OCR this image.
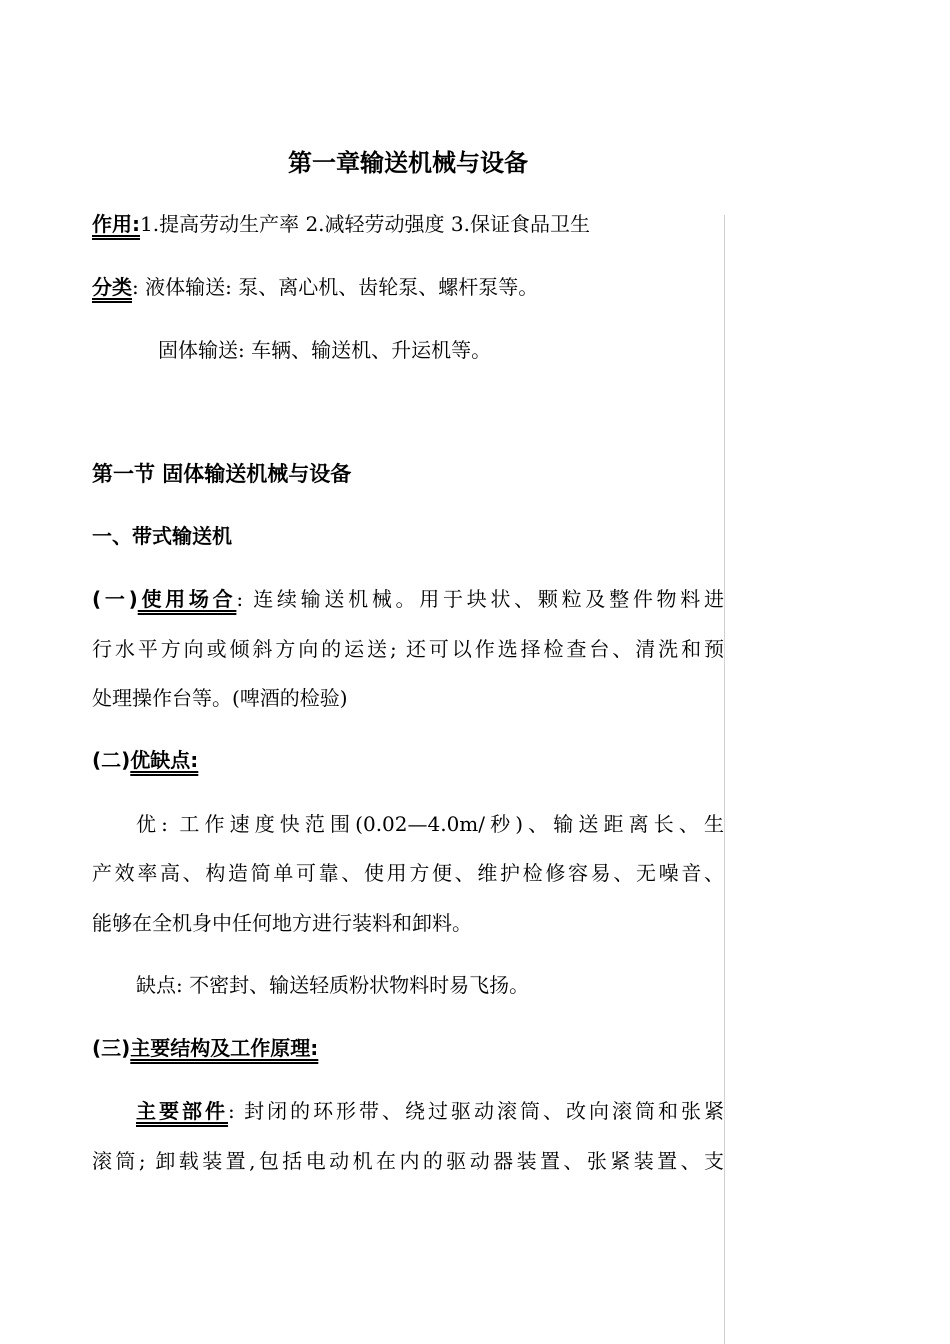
第一章输送机械与设备
作用:1.提高劳动生产率 2.减轻劳动强度 3.保证食品卫生
分类: 液体输送: 泵、离心机、齿轮泵、螺杆泵等。
固体输送: 车辆、输送机、升运机等。
第一节 固体输送机械与设备
一、带式输送机
(一)使用场合: 连续输送机械。用于块状、颗粒及整件物料进
行水平方向或倾斜方向的运送; 还可以作选择检查台、清洗和预
处理操作台等。(啤酒的检验)
(二)优缺点:
优: 工作速度快范围(0.02—4.0m/秒)、输送距离长、生
产效率高、构造简单可靠、使用方便、维护检修容易、无噪音、
能够在全机身中任何地方进行装料和卸料。
缺点: 不密封、输送轻质粉状物料时易飞扬。
(三)主要结构及工作原理:
主要部件: 封闭的环形带、绕过驱动滚筒、改向滚筒和张紧
滚筒; 卸载装置,包括电动机在内的驱动器装置、张紧装置、支
